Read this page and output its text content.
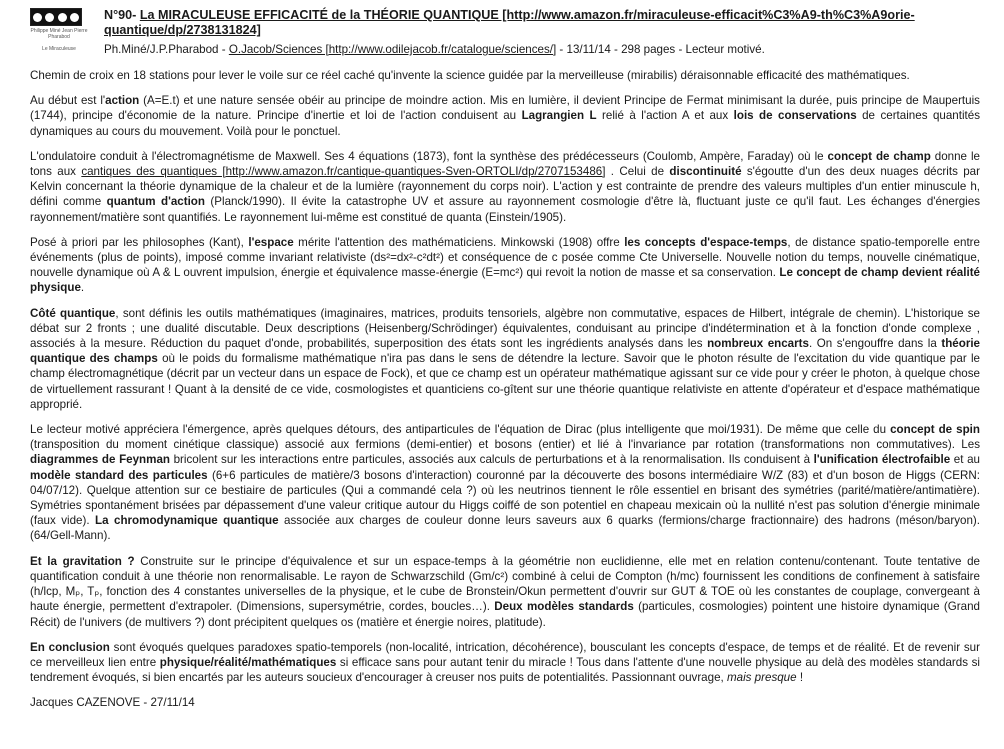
Philippe Miné Jean Pierre Pharabod
Le Miraculeuse
N°90- La MIRACULEUSE EFFICACITÉ de la THÉORIE QUANTIQUE [http://www.amazon.fr/miraculeuse-efficacit%C3%A9-th%C3%A9orie-quantique/dp/2738131824]
Ph.Miné/J.P.Pharabod - O.Jacob/Sciences [http://www.odilejacob.fr/catalogue/sciences/] - 13/11/14 - 298 pages - Lecteur motivé.

Chemin de croix en 18 stations pour lever le voile sur ce réel caché qu'invente la science guidée par la merveilleuse (mirabilis) déraisonnable efficacité des mathématiques.

Au début est l'action (A=E.t) et une nature sensée obéir au principe de moindre action. Mis en lumière, il devient Principe de Fermat minimisant la durée, puis principe de Maupertuis (1744), principe d'économie de la nature. Principe d'inertie et loi de l'action conduisent au Lagrangien L relié à l'action A et aux lois de conservations de certaines quantités dynamiques au cours du mouvement. Voilà pour le ponctuel.

L'ondulatoire conduit à l'électromagnétisme de Maxwell. Ses 4 équations (1873), font la synthèse des prédécesseurs (Coulomb, Ampère, Faraday) où le concept de champ donne le tons aux cantiques des quantiques [http://www.amazon.fr/cantique-quantiques-Sven-ORTOLI/dp/2707153486] . Celui de discontinuité s'égoutte d'un des deux nuages décrits par Kelvin concernant la théorie dynamique de la chaleur et de la lumière (rayonnement du corps noir). L'action y est contrainte de prendre des valeurs multiples d'un entier minuscule h, défini comme quantum d'action (Planck/1990). Il évite la catastrophe UV et assure au rayonnement cosmologie d'être là, fluctuant juste ce qu'il faut. Les échanges d'énergies rayonnement/matière sont quantifiés. Le rayonnement lui-même est constitué de quanta (Einstein/1905).

Posé à priori par les philosophes (Kant), l'espace mérite l'attention des mathématiciens. Minkowski (1908) offre les concepts d'espace-temps, de distance spatio-temporelle entre événements (plus de points), imposé comme invariant relativiste (ds²=dx²-c²dt²) et conséquence de c posée comme Cte Universelle. Nouvelle notion du temps, nouvelle cinématique, nouvelle dynamique où A & L ouvrent impulsion, énergie et équivalence masse-énergie (E=mc²) qui revoit la notion de masse et sa conservation. Le concept de champ devient réalité physique.

Côté quantique, sont définis les outils mathématiques (imaginaires, matrices, produits tensoriels, algèbre non commutative, espaces de Hilbert, intégrale de chemin). L'historique se débat sur 2 fronts ; une dualité discutable. Deux descriptions (Heisenberg/Schrödinger) équivalentes, conduisant au principe d'indétermination et à la fonction d'onde complexe , associés à la mesure. Réduction du paquet d'onde, probabilités, superposition des états sont les ingrédients analysés dans les nombreux encarts. On s'engouffre dans la théorie quantique des champs où le poids du formalisme mathématique n'ira pas dans le sens de détendre la lecture. Savoir que le photon résulte de l'excitation du vide quantique par le champ électromagnétique (décrit par un vecteur dans un espace de Fock), et que ce champ est un opérateur mathématique agissant sur ce vide pour y créer le photon, à quelque chose de virtuellement rassurant ! Quant à la densité de ce vide, cosmologistes et quanticiens co-gîtent sur une théorie quantique relativiste en attente d'opérateur et d'espace mathématique approprié.

Le lecteur motivé appréciera l'émergence, après quelques détours, des antiparticules de l'équation de Dirac (plus intelligente que moi/1931). De même que celle du concept de spin (transposition du moment cinétique classique) associé aux fermions (demi-entier) et bosons (entier) et lié à l'invariance par rotation (transformations non commutatives). Les diagrammes de Feynman bricolent sur les interactions entre particules, associés aux calculs de perturbations et à la renormalisation. Ils conduisent à l'unification électrofaible et au modèle standard des particules (6+6 particules de matière/3 bosons d'interaction) couronné par la découverte des bosons intermédiaire W/Z (83) et d'un boson de Higgs (CERN: 04/07/12). Quelque attention sur ce bestiaire de particules (Qui a commandé cela ?) où les neutrinos tiennent le rôle essentiel en brisant des symétries (parité/matière/antimatière). Symétries spontanément brisées par dépassement d'une valeur critique autour du Higgs coiffé de son potentiel en chapeau mexicain où la nullité n'est pas solution d'énergie minimale (faux vide). La chromodynamique quantique associée aux charges de couleur donne leurs saveurs aux 6 quarks (fermions/charge fractionnaire) des hadrons (méson/baryon). (64/Gell-Mann).

Et la gravitation ? Construite sur le principe d'équivalence et sur un espace-temps à la géométrie non euclidienne, elle met en relation contenu/contenant. Toute tentative de quantification conduit à une théorie non renormalisable. Le rayon de Schwarzschild (Gm/c²) combiné à celui de Compton (h/mc) fournissent les conditions de confinement à satisfaire (h/lcp, Mₚ, Tₚ, fonction des 4 constantes universelles de la physique, et le cube de Bronstein/Okun permettent d'ouvrir sur GUT & TOE où les constantes de couplage, convergeant à haute énergie, permettent d'extrapoler. (Dimensions, supersymétrie, cordes, boucles…). Deux modèles standards (particules, cosmologies) pointent une histoire dynamique (Grand Récit) de l'univers (de multivers ?) dont précipitent quelques os (matière et énergie noires, platitude).

En conclusion sont évoqués quelques paradoxes spatio-temporels (non-localité, intrication, décohérence), bousculant les concepts d'espace, de temps et de réalité. Et de revenir sur ce merveilleux lien entre physique/réalité/mathématiques si efficace sans pour autant tenir du miracle ! Tous dans l'attente d'une nouvelle physique au delà des modèles standards si tendrement évoqués, si bien encartés par les auteurs soucieux d'encourager à creuser nos puits de potentialités. Passionnant ouvrage, mais presque !

Jacques CAZENOVE - 27/11/14
